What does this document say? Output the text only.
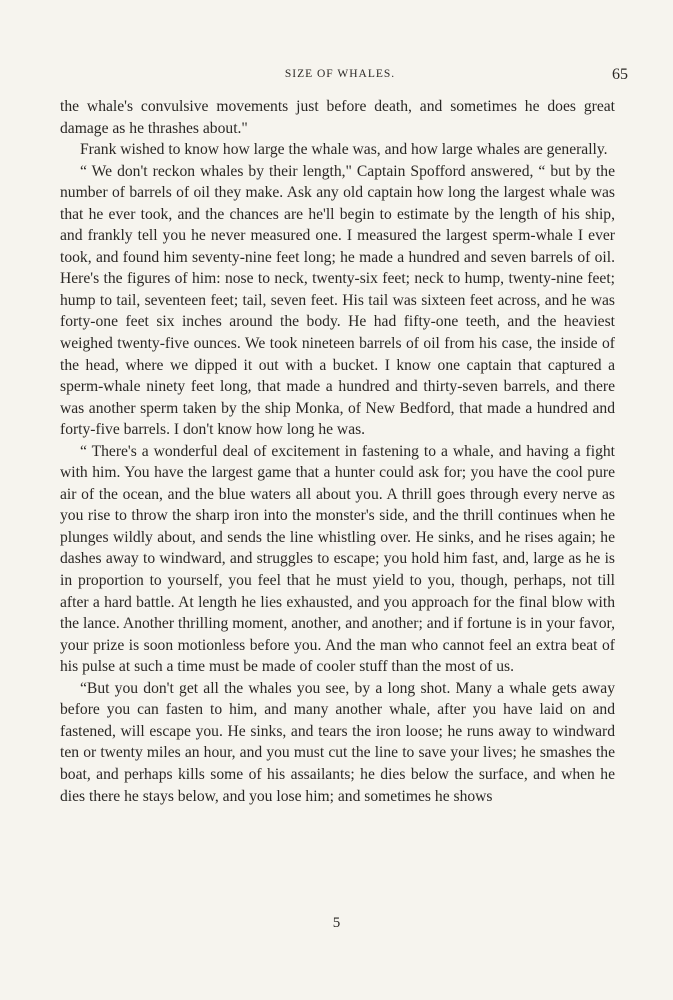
SIZE OF WHALES.	65

the whale's convulsive movements just before death, and sometimes he does great damage as he thrashes about."

Frank wished to know how large the whale was, and how large whales are generally.

“ We don't reckon whales by their length," Captain Spofford answered, “ but by the number of barrels of oil they make. Ask any old captain how long the largest whale was that he ever took, and the chances are he'll begin to estimate by the length of his ship, and frankly tell you he never measured one. I measured the largest sperm-whale I ever took, and found him seventy-nine feet long; he made a hundred and seven barrels of oil. Here's the figures of him: nose to neck, twenty-six feet; neck to hump, twenty-nine feet; hump to tail, seventeen feet; tail, seven feet. His tail was sixteen feet across, and he was forty-one feet six inches around the body. He had fifty-one teeth, and the heaviest weighed twenty-five ounces. We took nineteen barrels of oil from his case, the inside of the head, where we dipped it out with a bucket. I know one captain that captured a sperm-whale ninety feet long, that made a hundred and thirty-seven barrels, and there was another sperm taken by the ship Monka, of New Bedford, that made a hundred and forty-five barrels. I don't know how long he was.

“ There's a wonderful deal of excitement in fastening to a whale, and having a fight with him. You have the largest game that a hunter could ask for; you have the cool pure air of the ocean, and the blue waters all about you. A thrill goes through every nerve as you rise to throw the sharp iron into the monster's side, and the thrill continues when he plunges wildly about, and sends the line whistling over. He sinks, and he rises again; he dashes away to windward, and struggles to escape; you hold him fast, and, large as he is in proportion to yourself, you feel that he must yield to you, though, perhaps, not till after a hard battle. At length he lies exhausted, and you approach for the final blow with the lance. Another thrilling moment, another, and another; and if fortune is in your favor, your prize is soon motionless before you. And the man who cannot feel an extra beat of his pulse at such a time must be made of cooler stuff than the most of us.

“But you don't get all the whales you see, by a long shot. Many a whale gets away before you can fasten to him, and many another whale, after you have laid on and fastened, will escape you. He sinks, and tears the iron loose; he runs away to windward ten or twenty miles an hour, and you must cut the line to save your lives; he smashes the boat, and perhaps kills some of his assailants; he dies below the surface, and when he dies there he stays below, and you lose him; and sometimes he shows

5
